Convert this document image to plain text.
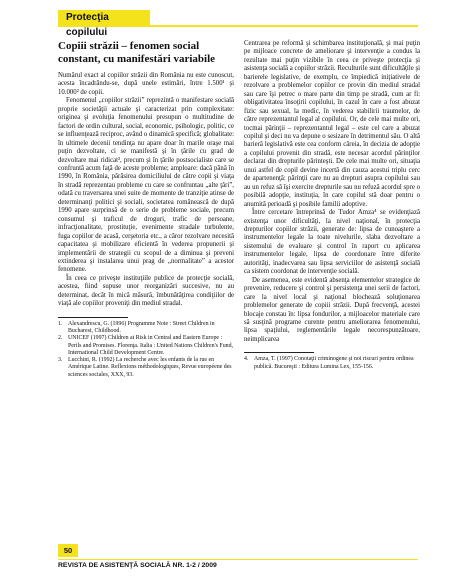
Protecţia copilului
Copiii străzii – fenomen social constant, cu manifestări variabile

Numărul exact al copiilor străzii din România nu este cunoscut, acesta încadrându-se, după unele estimări, între 1.500¹ şi 10.000² de copii.

Fenomenul „copiilor străzii” reprezintă o manifestare socială proprie societăţii actuale şi caracterizat prin complexitate: originea şi evoluţia fenomenului presupun o multitudine de factori de ordin cultural, social, economic, psihologic, politic, ce se influenţează reciproc, având o dinamică specifică; globalitate: în ultimele decenii tendinţa nu apare doar în marile oraşe mai puţin dezvoltate, ci se manifestă şi în ţările cu grad de dezvoltare mai ridicat³, precum şi în ţările postsocialiste care se confruntă acum faţă de aceste probleme; amploare: dacă până în 1990, în România, părăsirea domiciliului de către copii şi viaţa în stradă reprezentau probleme cu care se confruntau „alte ţări”, odată cu traversarea unei suite de momente de tranziţie atinse de determinanţi politici şi sociali, societatea românească de după 1990 apare surprinsă de o serie de probleme sociale, precum consumul şi traficul de droguri, trafic de persoane, infracţionalitate, prostituţie, evenimente stradale turbulente, fuga copiilor de acasă, cerşetoria etc., a căror rezolvare necesită capacitatea şi mobilizare eficientă în vederea propunerii şi implementării de strategii cu scopul de a diminua şi preveni extinderea şi instalarea unui prag de „normalitate” a acestor fenomene.

În ceea ce priveşte instituţiile publice de protecţie socială, acestea, fiind supuse unor reorganizări succesive, nu au determinat, decât în mică măsură, îmbunătăţirea condiţiilor de viaţă ale copiilor proveniţi din mediul stradal.

1. Alexandrescu, G. (1996) Programme Note : Street Children in Bucharest, Childhood.
2. UNICEF (1997) Children at Risk in Central and Eastern Europe : Perils and Promises. Florenţa. Italia : United Nations Children's Fund, International Child Development Centre.
3. Lucchini, R. (1992) La recherche avec les enfants de la rue en Amérique Latine. Reflexions méthodologiques, Revue européene des sciences sociales, XXX, 93.

Centrarea pe reformă şi schimbarea instituţională, şi mai puţin pe mijloace concrete de ameliorare şi intervenţie a condus la rezultate mai puţin vizibile în ceea ce priveşte protecţia şi asistenţa socială a copiilor străzii. Reculturile sunt dificultăţile şi barierele legislative, de exemplu, ce împiedică iniţiativele de rezolvare a problemelor copiilor ce provin din mediul stradal sau care îşi petrec o mare parte din timp pe stradă, cum ar fi: obligativitatea însoţirii copilului, în cazul în care a fost abuzat fizic sau sexual, la medic, în vederea stabilirii traumelor, de către reprezentantul legal al copilului. Or, de cele mai multe ori, tocmai părinţii – reprezentantul legal – este cel care a abuzat copilul şi deci nu va depune o sesizare în detrimentul său. O altă barieră legislativă este cea conform căreia, în decizia de adopţie a copilului provenit din stradă, este necesar acordul părinţilor declarat din drepturile părinteşti. De cele mai multe ori, situaţia unui astfel de copil devine incertă din cauza acestui triplu cerc de apartenenţă: părinţii care nu au drepturi asupra copilului sau au un refuz să îşi exercite drepturile sau nu refuză acordul spre o posibilă adopţie, instituţia, în care copilul stă doar pentru o anumită perioadă şi posibile familii adoptive.

Între cercetare întreprinsă de Tudor Amza⁴ se evidenţiază existenţa unor dificultăţi, la nivel naţional, în protecţia drepturilor copiilor străzii, generate de: lipsa de cunoaştere a instrumentelor legale la toate nivelurile, slaba dezvoltare a sistemului de evaluare şi control în raport cu aplicarea instrumentelor legale, lipsa de coordonare între diferite autorităţi, inadecvarea sau lipsa serviciilor de asistenţă socială ca sistem coordonat de intervenţie socială.

De asemenea, este evidentă absenţa elementelor strategice de prevenire, reducere şi control şi persistenţa unei serii de factori, care la nivel local şi naţional blochează soluţionarea problemelor generate de copiii străzii. După frecvenţă, acestei blocaje constau în: lipsa fondurilor, a mijloacelor materiale care să susţină programe curente pentru ameliorarea fenomenului, lipsa spaţiului, reglementările legale necorespunzătoare, neimplicarea

4. Amza, T. (1997) Conotaţii criminogene şi noi riscuri pentru ordinea publică. Bucureşti : Editura Lumina Lex, 155-156.
50
REVISTA DE ASISTENŢĂ SOCIALĂ NR. 1-2 / 2009
